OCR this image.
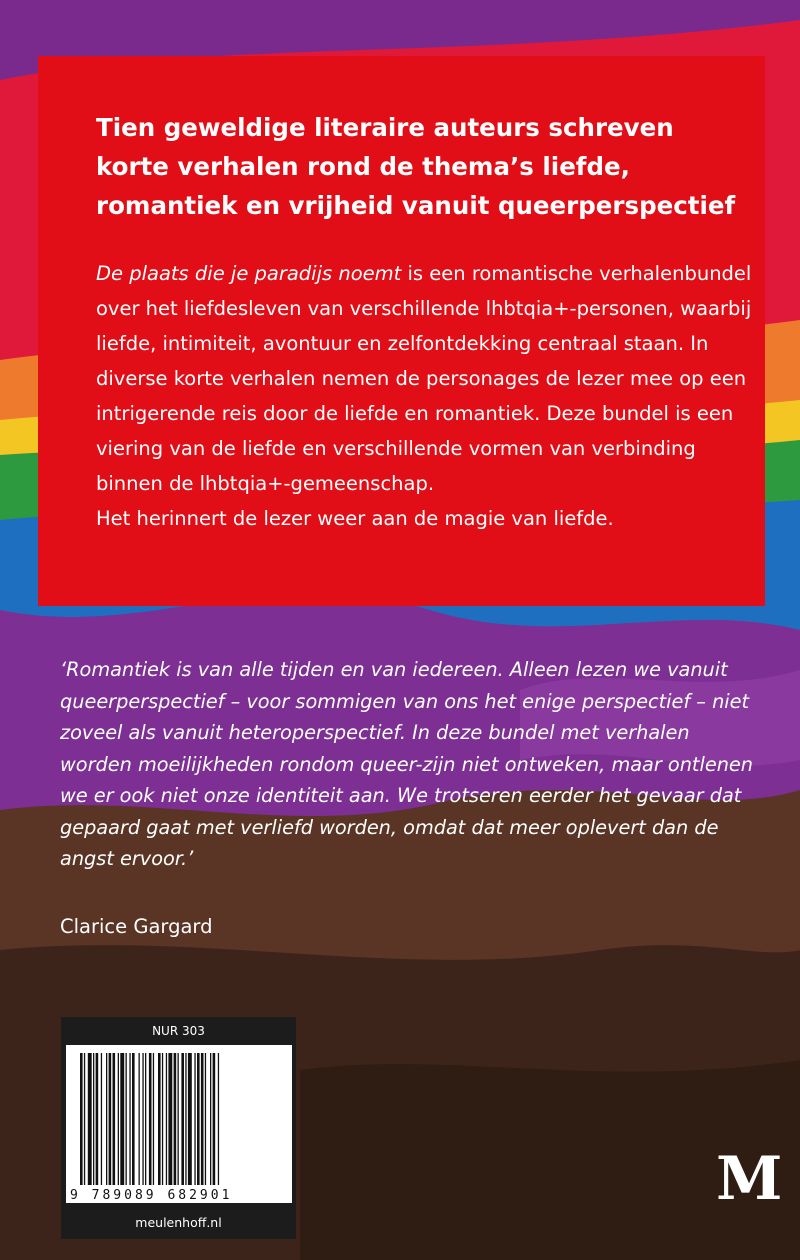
Tien geweldige literaire auteurs schreven korte verhalen rond de thema’s liefde, romantiek en vrijheid vanuit queerperspectief

De plaats die je paradijs noemt is een romantische verhalenbundel over het liefdesleven van verschillende lhbtqia+-personen, waarbij liefde, intimiteit, avontuur en zelfontdekking centraal staan. In diverse korte verhalen nemen de personages de lezer mee op een intrigerende reis door de liefde en romantiek. Deze bundel is een viering van de liefde en verschillende vormen van verbinding binnen de lhbtqia+-gemeenschap.
Het herinnert de lezer weer aan de magie van liefde.

‘Romantiek is van alle tijden en van iedereen. Alleen lezen we vanuit queerperspectief – voor sommigen van ons het enige perspectief – niet zoveel als vanuit heteroperspectief. In deze bundel met verhalen worden moeilijkheden rondom queer-zijn niet ontweken, maar ontlenen we er ook niet onze identiteit aan. We trotseren eerder het gevaar dat gepaard gaat met verliefd worden, omdat dat meer oplevert dan de angst ervoor.’

Clarice Gargard

NUR 303
9 789089 682901
meulenhoff.nl

M
